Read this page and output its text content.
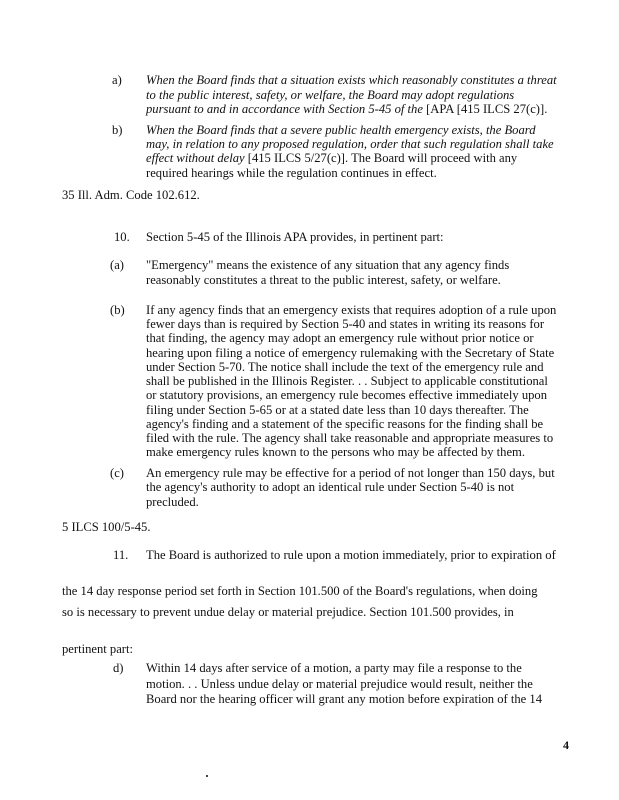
a) When the Board finds that a situation exists which reasonably constitutes a threat
to the public interest, safety, or welfare, the Board may adopt regulations
pursuant to and in accordance with Section 5-45 of the [APA [415 ILCS 27(c)].
b) When the Board finds that a severe public health emergency exists, the Board
may, in relation to any proposed regulation, order that such regulation shall take
effect without delay [415 ILCS 5/27(c)]. The Board will proceed with any
required hearings while the regulation continues in effect.
35 Ill. Adm. Code 102.612.
10. Section 5-45 of the Illinois APA provides, in pertinent part:
(a) "Emergency" means the existence of any situation that any agency finds
reasonably constitutes a threat to the public interest, safety, or welfare.
(b) If any agency finds that an emergency exists that requires adoption of a rule upon
fewer days than is required by Section 5-40 and states in writing its reasons for
that finding, the agency may adopt an emergency rule without prior notice or
hearing upon filing a notice of emergency rulemaking with the Secretary of State
under Section 5-70. The notice shall include the text of the emergency rule and
shall be published in the Illinois Register. . . Subject to applicable constitutional
or statutory provisions, an emergency rule becomes effective immediately upon
filing under Section 5-65 or at a stated date less than 10 days thereafter. The
agency's finding and a statement of the specific reasons for the finding shall be
filed with the rule. The agency shall take reasonable and appropriate measures to
make emergency rules known to the persons who may be affected by them.
(c) An emergency rule may be effective for a period of not longer than 150 days, but
the agency's authority to adopt an identical rule under Section 5-40 is not
precluded.
5 ILCS 100/5-45.
11. The Board is authorized to rule upon a motion immediately, prior to expiration of
the 14 day response period set forth in Section 101.500 of the Board's regulations, when doing
so is necessary to prevent undue delay or material prejudice. Section 101.500 provides, in
pertinent part:
d) Within 14 days after service of a motion, a party may file a response to the
motion. . . Unless undue delay or material prejudice would result, neither the
Board nor the hearing officer will grant any motion before expiration of the 14
4
